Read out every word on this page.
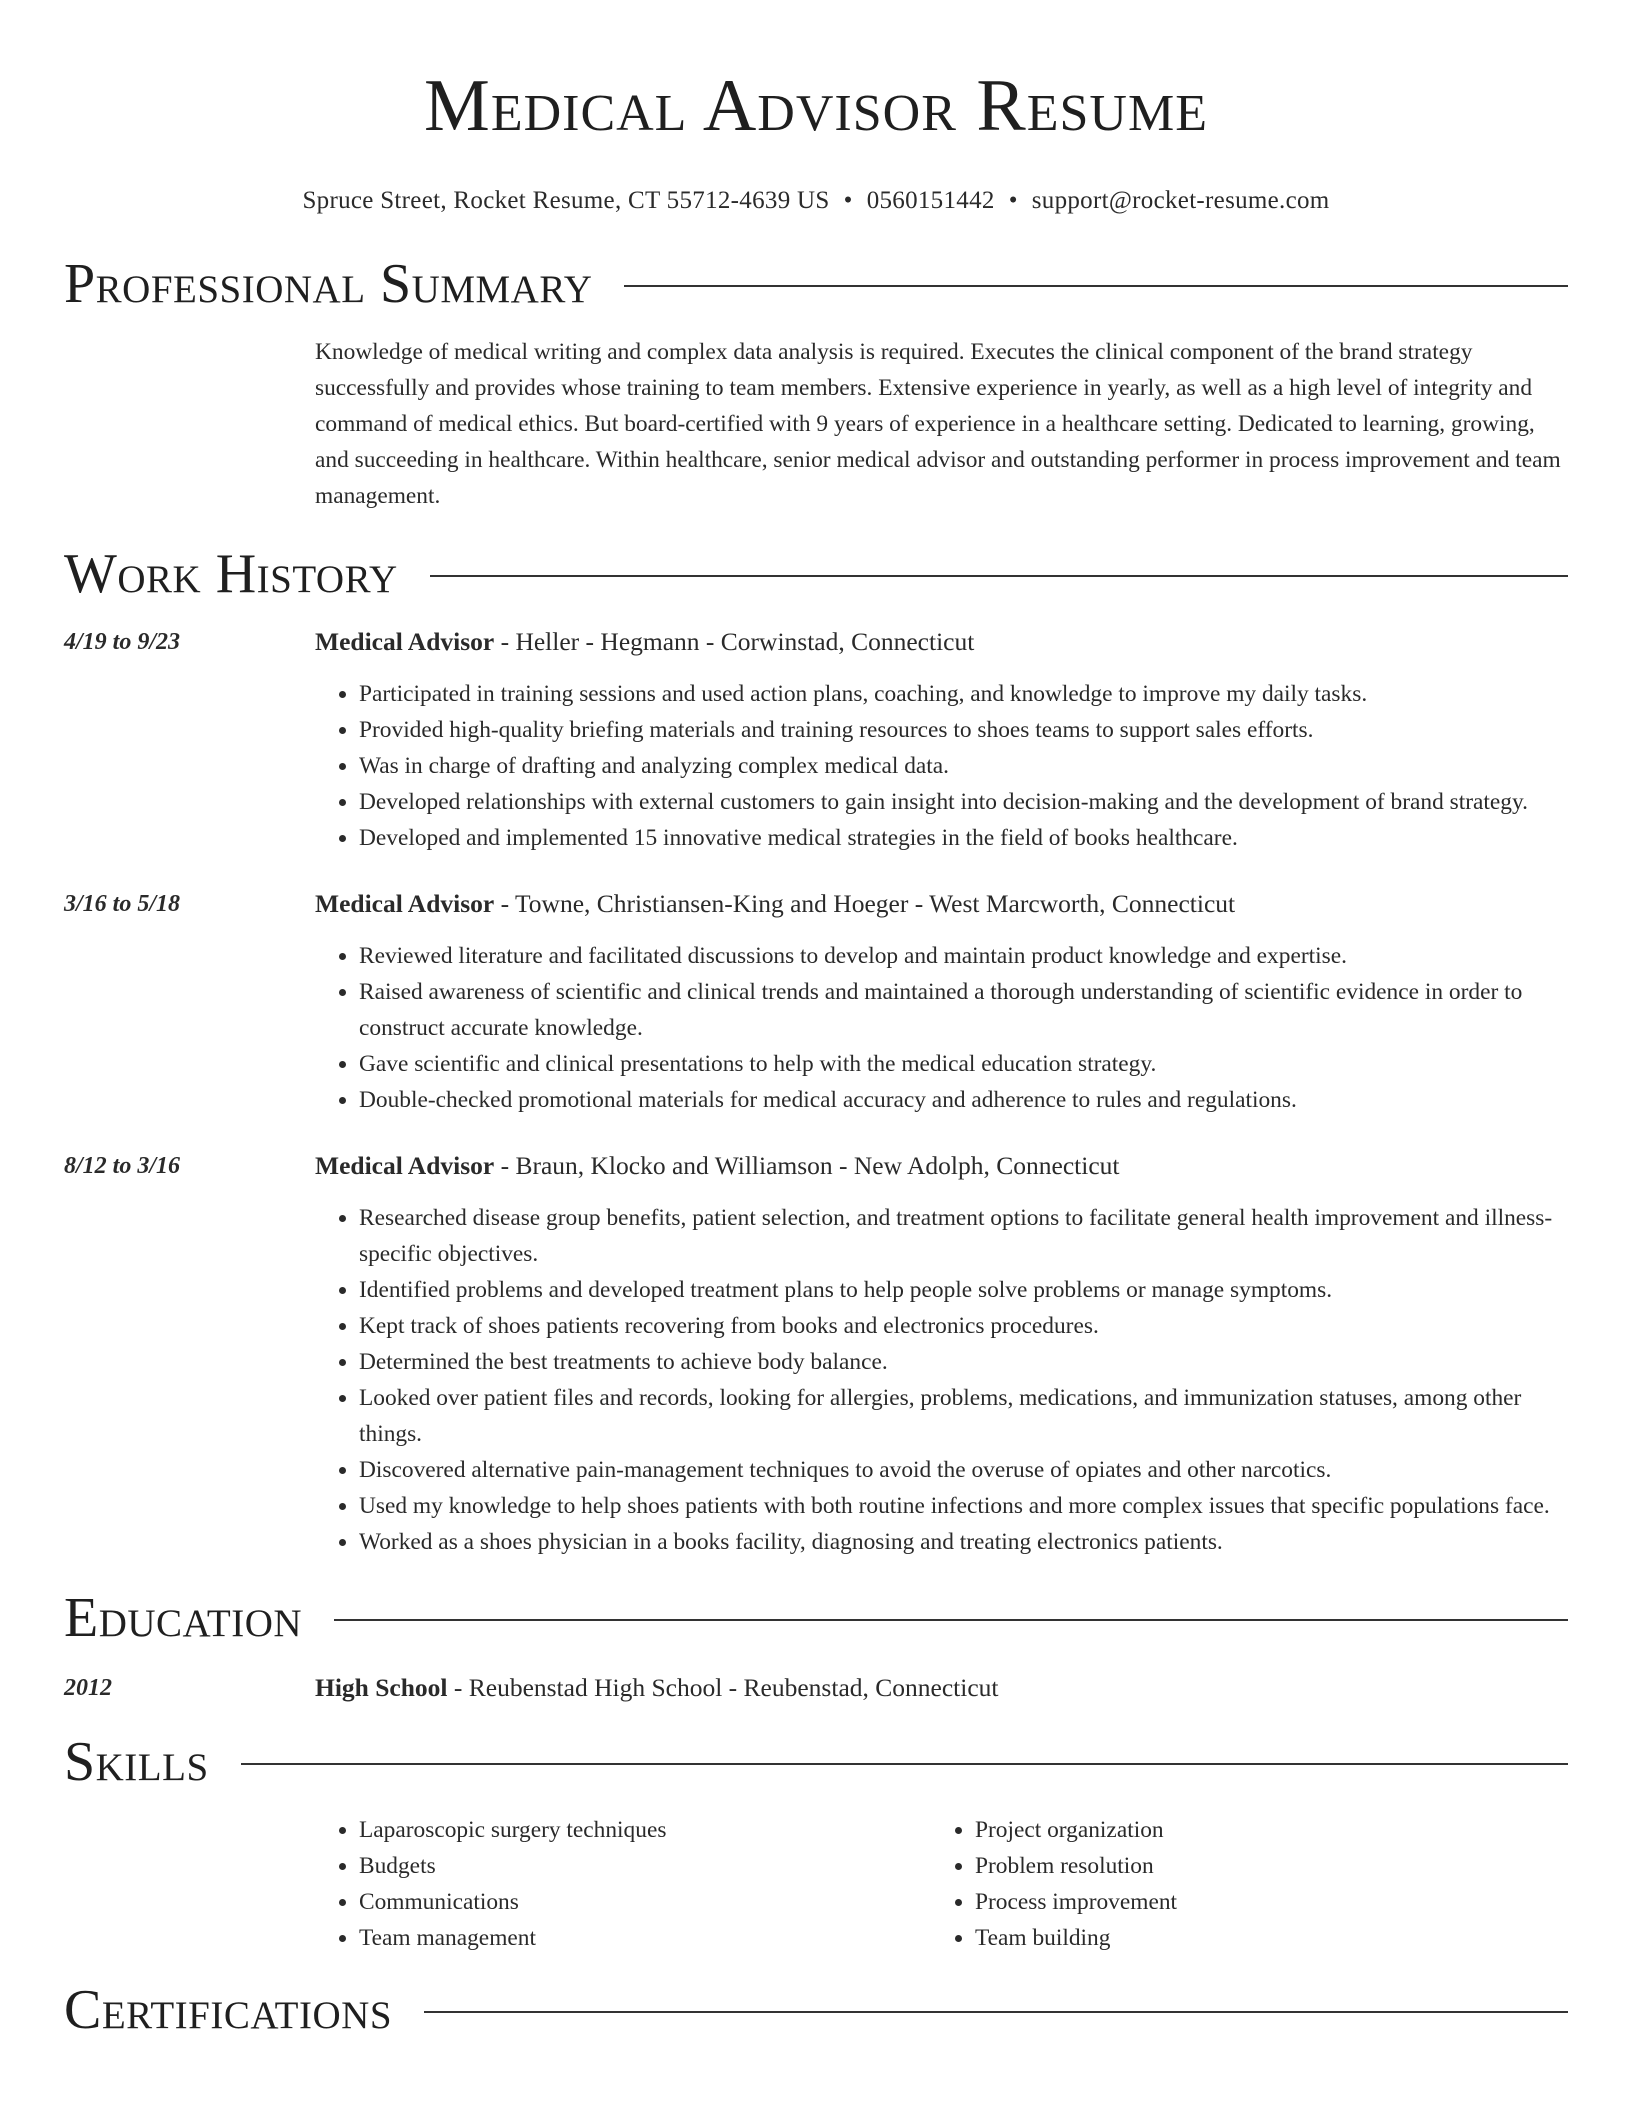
Medical Advisor Resume
Spruce Street, Rocket Resume, CT 55712-4639 US • 0560151442 • support@rocket-resume.com
Professional Summary
Knowledge of medical writing and complex data analysis is required. Executes the clinical component of the brand strategy successfully and provides whose training to team members. Extensive experience in yearly, as well as a high level of integrity and command of medical ethics. But board-certified with 9 years of experience in a healthcare setting. Dedicated to learning, growing, and succeeding in healthcare. Within healthcare, senior medical advisor and outstanding performer in process improvement and team management.
Work History
4/19 to 9/23	Medical Advisor - Heller - Hegmann - Corwinstad, Connecticut
• Participated in training sessions and used action plans, coaching, and knowledge to improve my daily tasks.
• Provided high-quality briefing materials and training resources to shoes teams to support sales efforts.
• Was in charge of drafting and analyzing complex medical data.
• Developed relationships with external customers to gain insight into decision-making and the development of brand strategy.
• Developed and implemented 15 innovative medical strategies in the field of books healthcare.
3/16 to 5/18	Medical Advisor - Towne, Christiansen-King and Hoeger - West Marcworth, Connecticut
• Reviewed literature and facilitated discussions to develop and maintain product knowledge and expertise.
• Raised awareness of scientific and clinical trends and maintained a thorough understanding of scientific evidence in order to construct accurate knowledge.
• Gave scientific and clinical presentations to help with the medical education strategy.
• Double-checked promotional materials for medical accuracy and adherence to rules and regulations.
8/12 to 3/16	Medical Advisor - Braun, Klocko and Williamson - New Adolph, Connecticut
• Researched disease group benefits, patient selection, and treatment options to facilitate general health improvement and illness-specific objectives.
• Identified problems and developed treatment plans to help people solve problems or manage symptoms.
• Kept track of shoes patients recovering from books and electronics procedures.
• Determined the best treatments to achieve body balance.
• Looked over patient files and records, looking for allergies, problems, medications, and immunization statuses, among other things.
• Discovered alternative pain-management techniques to avoid the overuse of opiates and other narcotics.
• Used my knowledge to help shoes patients with both routine infections and more complex issues that specific populations face.
• Worked as a shoes physician in a books facility, diagnosing and treating electronics patients.
Education
2012	High School - Reubenstad High School - Reubenstad, Connecticut
Skills
• Laparoscopic surgery techniques
• Budgets
• Communications
• Team management
• Project organization
• Problem resolution
• Process improvement
• Team building
Certifications
